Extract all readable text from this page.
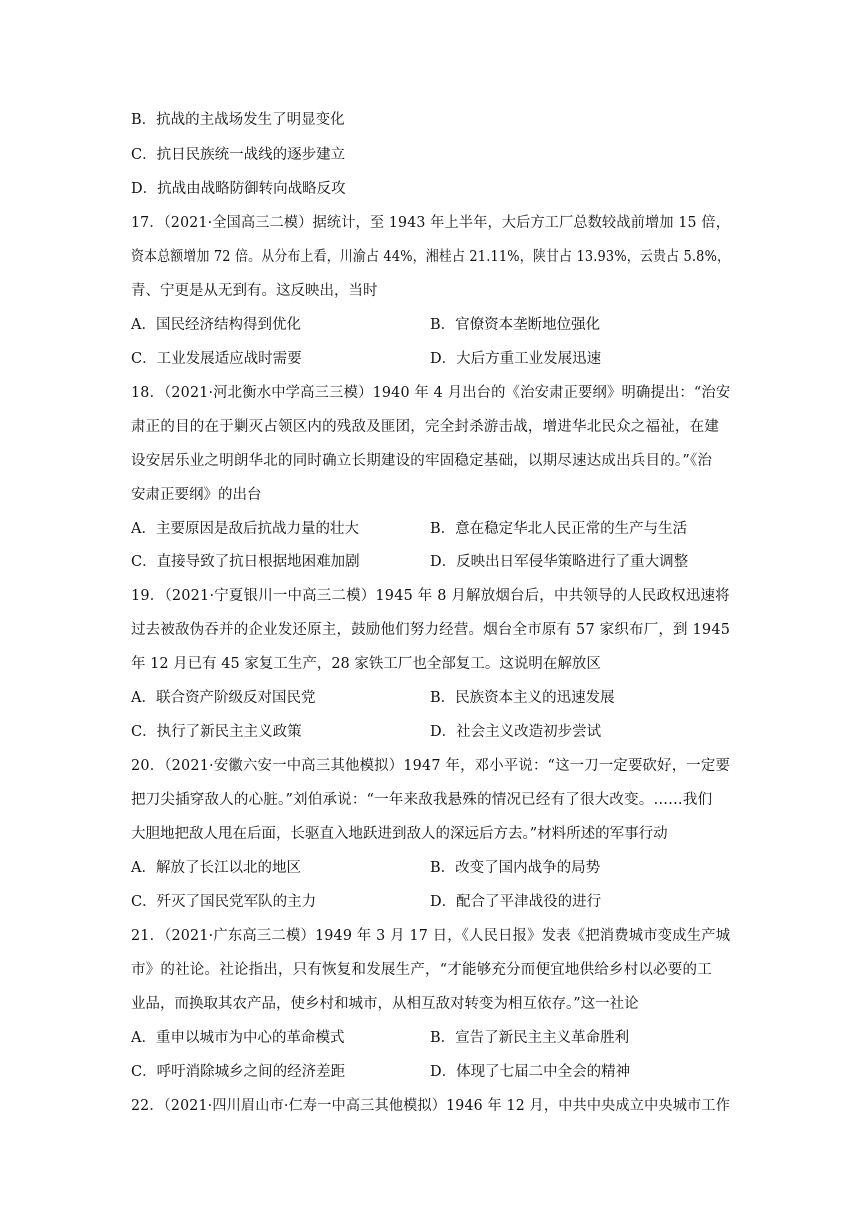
B．抗战的主战场发生了明显变化
C．抗日民族统一战线的逐步建立
D．抗战由战略防御转向战略反攻
17．（2021·全国高三二模）据统计，至 1943 年上半年，大后方工厂总数较战前增加 15 倍，
资本总额增加 72 倍。从分布上看，川渝占 44%，湘桂占 21.11%，陕甘占 13.93%，云贵占 5.8%，
青、宁更是从无到有。这反映出，当时
A．国民经济结构得到优化	B．官僚资本垄断地位强化
C．工业发展适应战时需要	D．大后方重工业发展迅速
18．（2021·河北衡水中学高三三模）1940 年 4 月出台的《治安肃正要纲》明确提出：“治安
肃正的目的在于剿灭占领区内的残敌及匪团，完全封杀游击战，增进华北民众之福祉，在建
设安居乐业之明朗华北的同时确立长期建设的牢固稳定基础，以期尽速达成出兵目的。”《治
安肃正要纲》的出台
A．主要原因是敌后抗战力量的壮大	B．意在稳定华北人民正常的生产与生活
C．直接导致了抗日根据地困难加剧	D．反映出日军侵华策略进行了重大调整
19．（2021·宁夏银川一中高三二模）1945 年 8 月解放烟台后，中共领导的人民政权迅速将
过去被敌伪吞并的企业发还原主，鼓励他们努力经营。烟台全市原有 57 家织布厂，到 1945
年 12 月已有 45 家复工生产，28 家铁工厂也全部复工。这说明在解放区
A．联合资产阶级反对国民党	B．民族资本主义的迅速发展
C．执行了新民主主义政策	D．社会主义改造初步尝试
20．（2021·安徽六安一中高三其他模拟）1947 年，邓小平说：“这一刀一定要砍好，一定要
把刀尖插穿敌人的心脏。”刘伯承说：“一年来敌我悬殊的情况已经有了很大改变。……我们
大胆地把敌人甩在后面，长驱直入地跃进到敌人的深远后方去。”材料所述的军事行动
A．解放了长江以北的地区	B．改变了国内战争的局势
C．歼灭了国民党军队的主力	D．配合了平津战役的进行
21．（2021·广东高三二模）1949 年 3 月 17 日，《人民日报》发表《把消费城市变成生产城
市》的社论。社论指出，只有恢复和发展生产，“才能够充分而便宜地供给乡村以必要的工
业品，而换取其农产品，使乡村和城市，从相互敌对转变为相互依存。”这一社论
A．重申以城市为中心的革命模式	B．宣告了新民主主义革命胜利
C．呼吁消除城乡之间的经济差距	D．体现了七届二中全会的精神
22．（2021·四川眉山市·仁寿一中高三其他模拟）1946 年 12 月，中共中央成立中央城市工作
